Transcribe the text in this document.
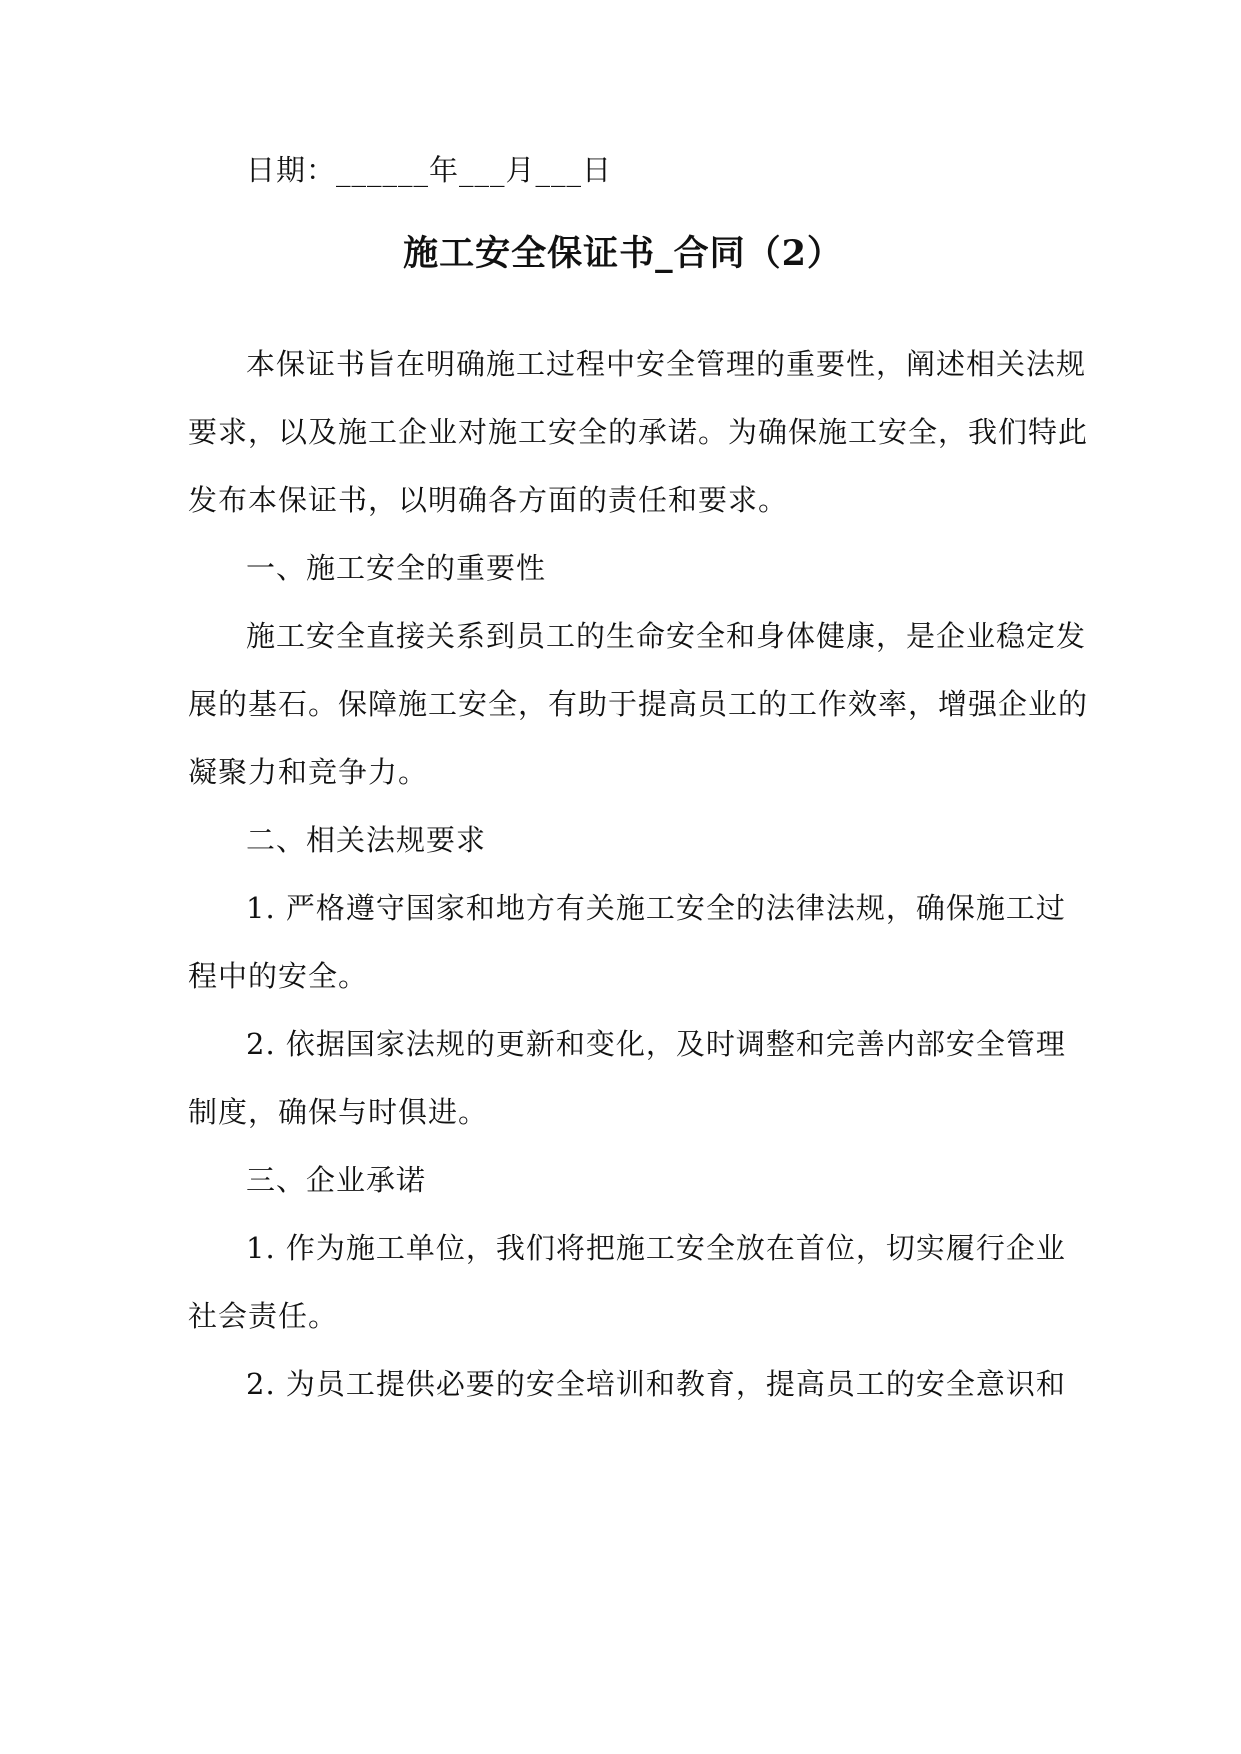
日期：______年___月___日
施工安全保证书_合同（2）
本保证书旨在明确施工过程中安全管理的重要性，阐述相关法规
要求，以及施工企业对施工安全的承诺。为确保施工安全，我们特此
发布本保证书，以明确各方面的责任和要求。
一、施工安全的重要性
施工安全直接关系到员工的生命安全和身体健康，是企业稳定发
展的基石。保障施工安全，有助于提高员工的工作效率，增强企业的
凝聚力和竞争力。
二、相关法规要求
1. 严格遵守国家和地方有关施工安全的法律法规，确保施工过
程中的安全。
2. 依据国家法规的更新和变化，及时调整和完善内部安全管理
制度，确保与时俱进。
三、企业承诺
1. 作为施工单位，我们将把施工安全放在首位，切实履行企业
社会责任。
2. 为员工提供必要的安全培训和教育，提高员工的安全意识和
